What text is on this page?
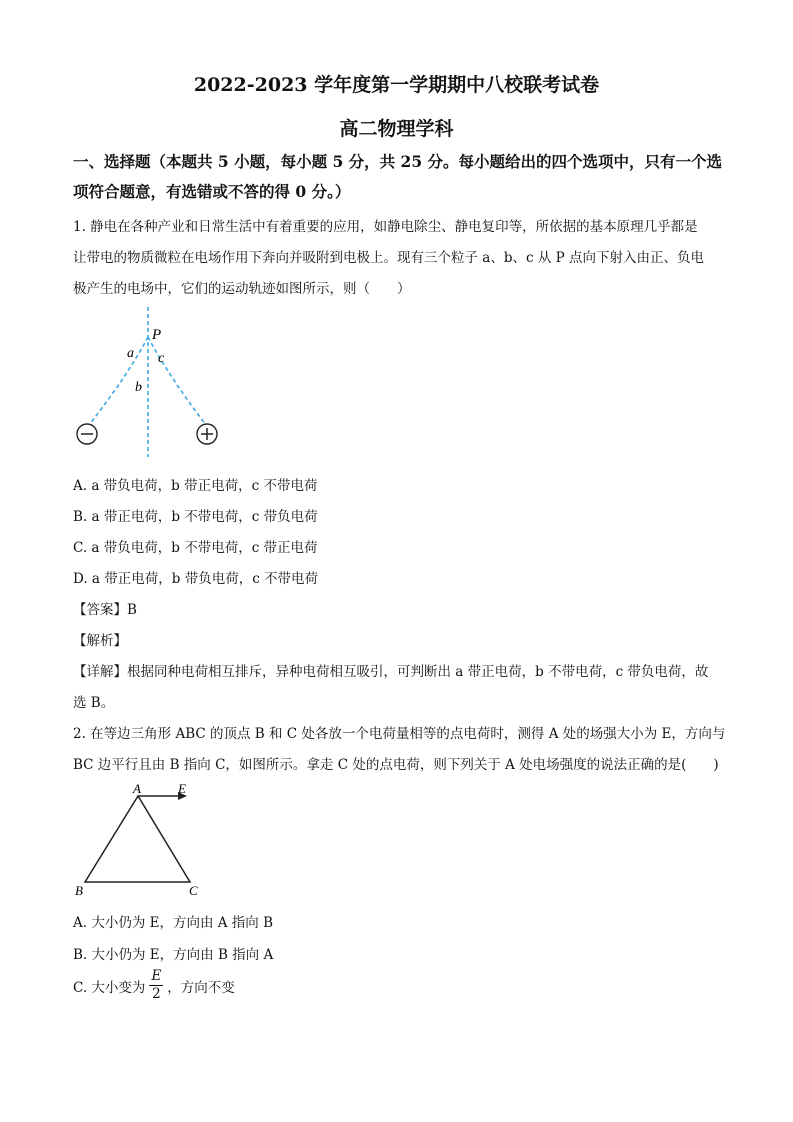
2022-2023 学年度第一学期期中八校联考试卷
高二物理学科
一、选择题（本题共 5 小题，每小题 5 分，共 25 分。每小题给出的四个选项中，只有一个选
项符合题意，有选错或不答的得 0 分。）
1. 静电在各种产业和日常生活中有着重要的应用，如静电除尘、静电复印等，所依据的基本原理几乎都是
让带电的物质微粒在电场作用下奔向并吸附到电极上。现有三个粒子 a、b、c 从 P 点向下射入由正、负电
极产生的电场中，它们的运动轨迹如图所示，则（　　）
P
a
b
c
A. a 带负电荷，b 带正电荷，c 不带电荷
B. a 带正电荷，b 不带电荷，c 带负电荷
C. a 带负电荷，b 不带电荷，c 带正电荷
D. a 带正电荷，b 带负电荷，c 不带电荷
【答案】B
【解析】
【详解】根据同种电荷相互排斥，异种电荷相互吸引，可判断出 a 带正电荷，b 不带电荷，c 带负电荷，故
选 B。
2. 在等边三角形 ABC 的顶点 B 和 C 处各放一个电荷量相等的点电荷时，测得 A 处的场强大小为 E，方向与
BC 边平行且由 B 指向 C，如图所示。拿走 C 处的点电荷，则下列关于 A 处电场强度的说法正确的是(　　)
A	E
B	C
A. 大小仍为 E，方向由 A 指向 B
B. 大小仍为 E，方向由 B 指向 A
C. 大小变为 $\frac{E}{2}$ ，方向不变
